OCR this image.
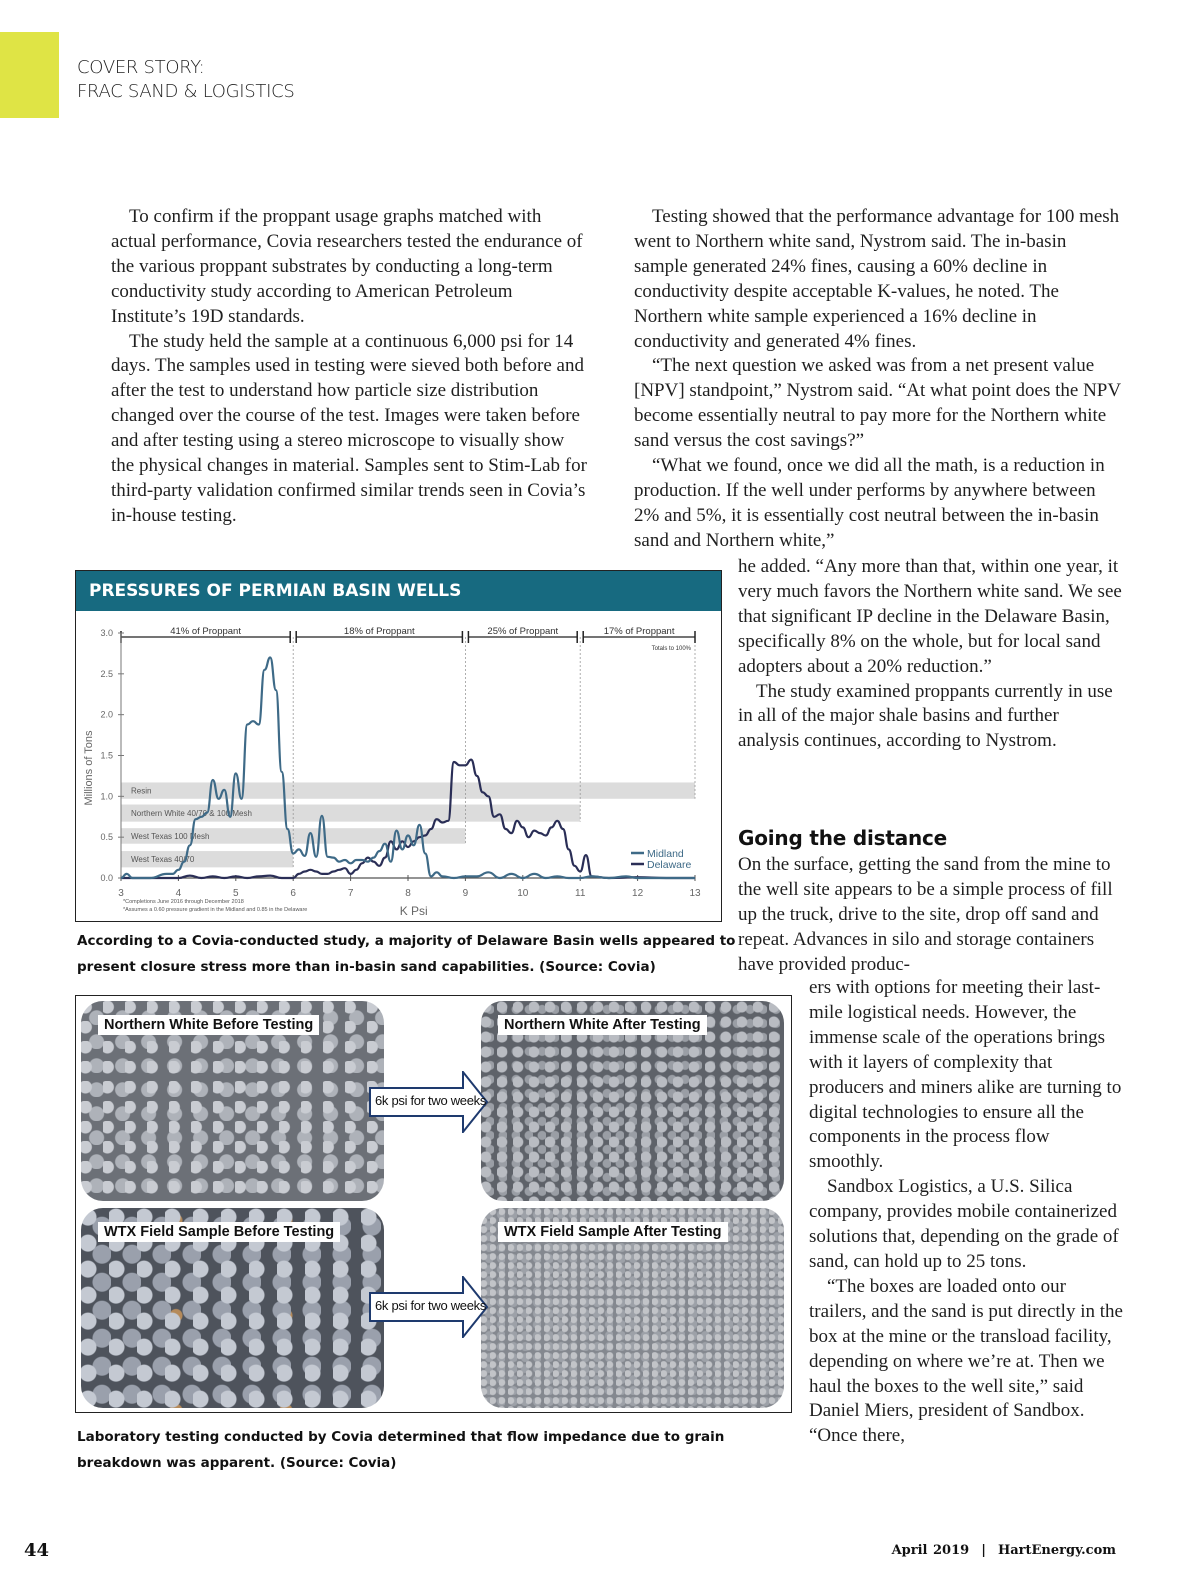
COVER STORY:
FRAC SAND & LOGISTICS

To confirm if the proppant usage graphs matched with actual performance, Covia researchers tested the endurance of the various proppant substrates by conducting a long-term conductivity study according to American Petroleum Institute’s 19D standards.

The study held the sample at a continuous 6,000 psi for 14 days. The samples used in testing were sieved both before and after the test to understand how particle size distribution changed over the course of the test. Images were taken before and after testing using a stereo microscope to visually show the physical changes in material. Samples sent to Stim-Lab for third-party validation confirmed similar trends seen in Covia’s in-house testing.

Testing showed that the performance advantage for 100 mesh went to Northern white sand, Nystrom said. The in-basin sample generated 24% fines, causing a 60% decline in conductivity despite acceptable K-values, he noted. The Northern white sample experienced a 16% decline in conductivity and generated 4% fines.

“The next question we asked was from a net present value [NPV] standpoint,” Nystrom said. “At what point does the NPV become essentially neutral to pay more for the Northern white sand versus the cost savings?”

“What we found, once we did all the math, is a reduction in production. If the well under performs by anywhere between 2% and 5%, it is essentially cost neutral between the in-basin sand and Northern white,”

he added. “Any more than that, within one year, it very much favors the Northern white sand. We see that significant IP decline in the Delaware Basin, specifically 8% on the whole, but for local sand adopters about a 20% reduction.”

The study examined proppants currently in use in all of the major shale basins and further analysis continues, according to Nystrom.

Going the distance

On the surface, getting the sand from the mine to the well site appears to be a simple process of fill up the truck, drive to the site, drop off sand and repeat. Advances in silo and storage containers have provided produc-

ers with options for meeting their last- mile logistical needs. However, the immense scale of the operations brings with it layers of complexity that producers and miners alike are turning to digital technologies to ensure all the components in the process flow smoothly.

Sandbox Logistics, a U.S. Silica company, provides mobile containerized solutions that, depending on the grade of sand, can hold up to 25 tons.

“The boxes are loaded onto our trailers, and the sand is put directly in the box at the mine or the transload facility, depending on where we’re at. Then we haul the boxes to the well site,” said Daniel Miers, president of Sandbox. “Once there,

PRESSURES OF PERMIAN BASIN WELLS
Resin
Northern White 40/70 & 100 Mesh
West Texas 100 Mesh
West Texas 40/70
41% of Proppant	18% of Proppant	25% of Proppant	17% of Proppant
Totals to 100%
0.0
0.5
1.0
1.5
2.0
2.5
3.0
3	4	5	6	7	8	9	10	11	12	13
Millions of Tons
K Psi
*Completions June 2016 through December 2018
*Assumes a 0.60 pressure gradient in the Midland and 0.85 in the Delaware
Midland
Delaware
According to a Covia-conducted study, a majority of Delaware Basin wells appeared to present closure stress more than in-basin sand capabilities. (Source: Covia)
Northern White Before Testing	Northern White After Testing
WTX Field Sample Before Testing	WTX Field Sample After Testing
6k psi for two weeks
6k psi for two weeks
Laboratory testing conducted by Covia determined that flow impedance due to grain breakdown was apparent. (Source: Covia)
44	April 2019 | HartEnergy.com
